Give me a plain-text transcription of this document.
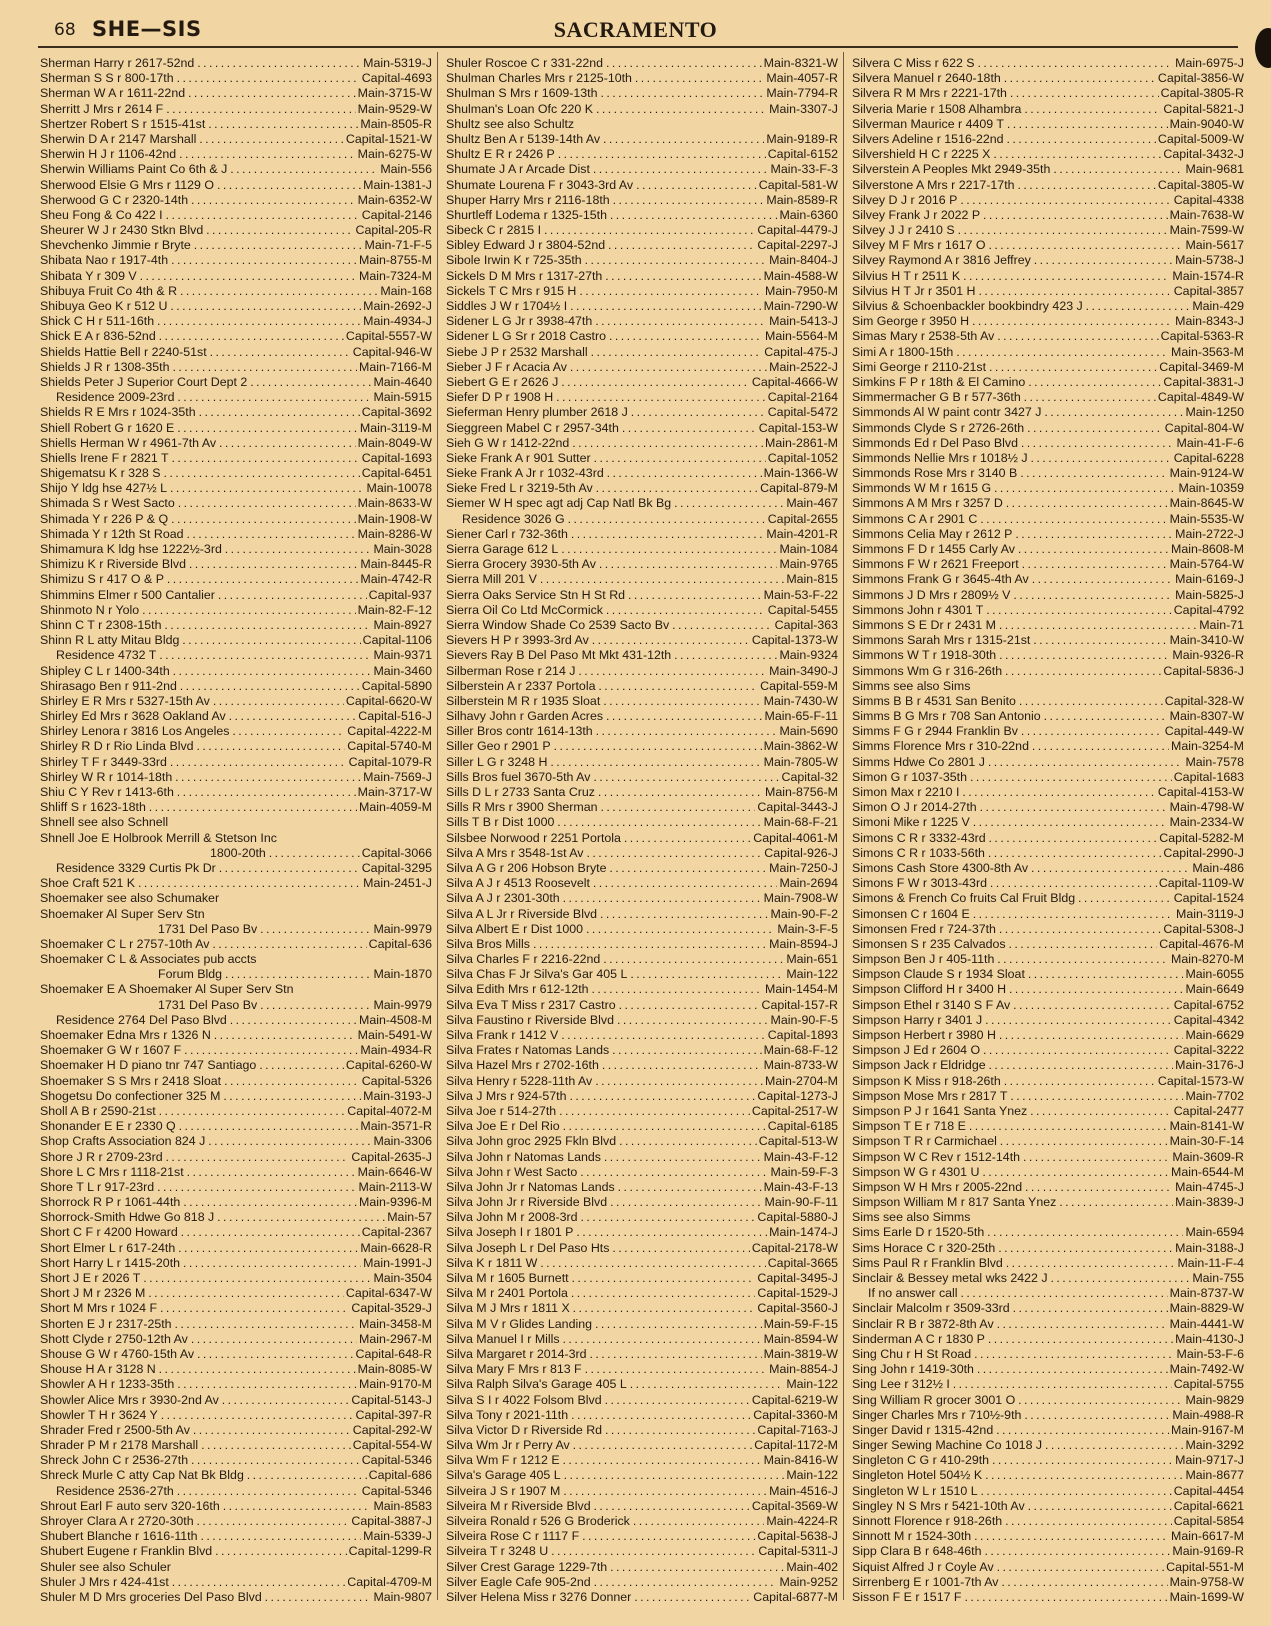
68 SHE—SIS	SACRAMENTO
Sherman Harry r 2617-52nd . . .	Main-5319-J
Sherman S S r 800-17th . . .	Capital-4693
Sherman W A r 1611-22nd . . .	Main-3715-W
Sherritt J Mrs r 2614 F . . .	Main-9529-W
Shertzer Robert S r 1515-41st . . .	Main-8505-R
Sherwin D A r 2147 Marshall . . .	Capital-1521-W
Sherwin H J r 1106-42nd . . .	Main-6275-W
Sherwin Williams Paint Co 6th & J . . .	Main-556
Sherwood Elsie G Mrs r 1129 O . . .	Main-1381-J
Sherwood G C r 2320-14th . . .	Main-6352-W
Sheu Fong & Co 422 I . . .	Capital-2146
Sheurer W J r 2430 Stkn Blvd . . .	Capital-205-R
Shevchenko Jimmie r Bryte . . .	Main-71-F-5
Shibata Nao r 1917-4th . . .	Main-8755-M
Shibata Y r 309 V . . .	Main-7324-M
Shibuya Fruit Co 4th & R . . .	Main-168
Shibuya Geo K r 512 U . . .	Main-2692-J
Shick C H r 511-16th . . .	Main-4934-J
Shick E A r 836-52nd . . .	Capital-5557-W
Shields Hattie Bell r 2240-51st . . .	Capital-946-W
Shields J R r 1308-35th . . .	Main-7166-M
Shields Peter J Superior Court Dept 2 . . .	Main-4640
Residence 2009-23rd . . .	Main-5915
Shields R E Mrs r 1024-35th . . .	Capital-3692
Shiell Robert G r 1620 E . . .	Main-3119-M
Shiells Herman W r 4961-7th Av . . .	Main-8049-W
Shiells Irene F r 2821 T . . .	Capital-1693
Shigematsu K r 328 S . . .	Capital-6451
Shijo Y ldg hse 427½ L . . .	Main-10078
Shimada S r West Sacto . . .	Main-8633-W
Shimada Y r 226 P & Q . . .	Main-1908-W
Shimada Y r 12th St Road . . .	Main-8286-W
Shimamura K ldg hse 1222½-3rd . . .	Main-3028
Shimizu K r Riverside Blvd . . .	Main-8445-R
Shimizu S r 417 O & P . . .	Main-4742-R
Shimmins Elmer r 500 Cantalier . . .	Capital-937
Shinmoto N r Yolo . . .	Main-82-F-12
Shinn C T r 2308-15th . . .	Main-8927
Shinn R L atty Mitau Bldg . . .	Capital-1106
Residence 4732 T . . .	Main-9371
Shipley C L r 1400-34th . . .	Main-3460
Shirasago Ben r 911-2nd . . .	Capital-5890
Shirley E R Mrs r 5327-15th Av . . .	Capital-6620-W
Shirley Ed Mrs r 3628 Oakland Av . . .	Capital-516-J
Shirley Lenora r 3816 Los Angeles . . .	Capital-4222-M
Shirley R D r Rio Linda Blvd . . .	Capital-5740-M
Shirley T F r 3449-33rd . . .	Capital-1079-R
Shirley W R r 1014-18th . . .	Main-7569-J
Shiu C Y Rev r 1413-6th . . .	Main-3717-W
Shliff S r 1623-18th . . .	Main-4059-M
Shnell see also Schnell
Shnell Joe E Holbrook Merrill & Stetson Inc
1800-20th . . .	Capital-3066
Residence 3329 Curtis Pk Dr . . .	Capital-3295
Shoe Craft 521 K . . .	Main-2451-J
Shoemaker see also Schumaker
Shoemaker Al Super Serv Stn
1731 Del Paso Bv . . .	Main-9979
Shoemaker C L r 2757-10th Av . . .	Capital-636
Shoemaker C L & Associates pub accts
Forum Bldg . . .	Main-1870
Shoemaker E A Shoemaker Al Super Serv Stn
1731 Del Paso Bv . . .	Main-9979
Residence 2764 Del Paso Blvd . . .	Main-4508-M
Shoemaker Edna Mrs r 1326 N . . .	Main-5491-W
Shoemaker G W r 1607 F . . .	Main-4934-R
Shoemaker H D piano tnr 747 Santiago . . .	Capital-6260-W
Shoemaker S S Mrs r 2418 Sloat . . .	Capital-5326
Shogetsu Do confectioner 325 M . . .	Main-3193-J
Sholl A B r 2590-21st . . .	Capital-4072-M
Shonander E E r 2330 Q . . .	Main-3571-R
Shop Crafts Association 824 J . . .	Main-3306
Shore J R r 2709-23rd . . .	Capital-2635-J
Shore L C Mrs r 1118-21st . . .	Main-6646-W
Shore T L r 917-23rd . . .	Main-2113-W
Shorrock R P r 1061-44th . . .	Main-9396-M
Shorrock-Smith Hdwe Go 818 J . . .	Main-57
Short C F r 4200 Howard . . .	Capital-2367
Short Elmer L r 617-24th . . .	Main-6628-R
Short Harry L r 1415-20th . . .	Main-1991-J
Short J E r 2026 T . . .	Main-3504
Short J M r 2326 M . . .	Capital-6347-W
Short M Mrs r 1024 F . . .	Capital-3529-J
Shorten E J r 2317-25th . . .	Main-3458-M
Shott Clyde r 2750-12th Av . . .	Main-2967-M
Shouse G W r 4760-15th Av . . .	Capital-648-R
Shouse H A r 3128 N . . .	Main-8085-W
Showler A H r 1233-35th . . .	Main-9170-M
Showler Alice Mrs r 3930-2nd Av . . .	Capital-5143-J
Showler T H r 3624 Y . . .	Capital-397-R
Shrader Fred r 2500-5th Av . . .	Capital-292-W
Shrader P M r 2178 Marshall . . .	Capital-554-W
Shreck John C r 2536-27th . . .	Capital-5346
Shreck Murle C atty Cap Nat Bk Bldg . . .	Capital-686
Residence 2536-27th . . .	Capital-5346
Shrout Earl F auto serv 320-16th . . .	Main-8583
Shroyer Clara A r 2720-30th . . .	Capital-3887-J
Shubert Blanche r 1616-11th . . .	Main-5339-J
Shubert Eugene r Franklin Blvd . . .	Capital-1299-R
Shuler see also Schuler
Shuler J Mrs r 424-41st . . .	Capital-4709-M
Shuler M D Mrs groceries Del Paso Blvd . . .	Main-9807
Shuler Roscoe C r 331-22nd . . .	Main-8321-W
Shulman Charles Mrs r 2125-10th . . .	Main-4057-R
Shulman S Mrs r 1609-13th . . .	Main-7794-R
Shulman's Loan Ofc 220 K . . .	Main-3307-J
Shultz see also Schultz
Shultz Ben A r 5139-14th Av . . .	Main-9189-R
Shultz E R r 2426 P . . .	Capital-6152
Shumate J A r Arcade Dist . . .	Main-33-F-3
Shumate Lourena F r 3043-3rd Av . . .	Capital-581-W
Shuper Harry Mrs r 2116-18th . . .	Main-8589-R
Shurtleff Lodema r 1325-15th . . .	Main-6360
Sibeck C r 2815 I . . .	Capital-4479-J
Sibley Edward J r 3804-52nd . . .	Capital-2297-J
Sibole Irwin K r 725-35th . . .	Main-8404-J
Sickels D M Mrs r 1317-27th . . .	Main-4588-W
Sickels T C Mrs r 915 H . . .	Main-7950-M
Siddles J W r 1704½ I . . .	Main-7290-W
Sidener L G Jr r 3938-47th . . .	Main-5413-J
Sidener L G Sr r 2018 Castro . . .	Main-5564-M
Siebe J P r 2532 Marshall . . .	Capital-475-J
Sieber J F r Acacia Av . . .	Main-2522-J
Siebert G E r 2626 J . . .	Capital-4666-W
Siefer D P r 1908 H . . .	Capital-2164
Sieferman Henry plumber 2618 J . . .	Capital-5472
Sieggreen Mabel C r 2957-34th . . .	Capital-153-W
Sieh G W r 1412-22nd . . .	Main-2861-M
Sieke Frank A r 901 Sutter . . .	Capital-1052
Sieke Frank A Jr r 1032-43rd . . .	Main-1366-W
Sieke Fred L r 3219-5th Av . . .	Capital-879-M
Siemer W H spec agt adj Cap Natl Bk Bg . . .	Main-467
Residence 3026 G . . .	Capital-2655
Siener Carl r 732-36th . . .	Main-4201-R
Sierra Garage 612 L . . .	Main-1084
Sierra Grocery 3930-5th Av . . .	Main-9765
Sierra Mill 201 V . . .	Main-815
Sierra Oaks Service Stn H St Rd . . .	Main-53-F-22
Sierra Oil Co Ltd McCormick . . .	Capital-5455
Sierra Window Shade Co 2539 Sacto Bv . . .	Capital-363
Sievers H P r 3993-3rd Av . . .	Capital-1373-W
Sievers Ray B Del Paso Mt Mkt 431-12th . . .	Main-9324
Silberman Rose r 214 J . . .	Main-3490-J
Silberstein A r 2337 Portola . . .	Capital-559-M
Silberstein M R r 1935 Sloat . . .	Main-7430-W
Silhavy John r Garden Acres . . .	Main-65-F-11
Siller Bros contr 1614-13th . . .	Main-5690
Siller Geo r 2901 P . . .	Main-3862-W
Siller L G r 3248 H . . .	Main-7805-W
Sills Bros fuel 3670-5th Av . . .	Capital-32
Sills D L r 2733 Santa Cruz . . .	Main-8756-M
Sills R Mrs r 3900 Sherman . . .	Capital-3443-J
Sills T B r Dist 1000 . . .	Main-68-F-21
Silsbee Norwood r 2251 Portola . . .	Capital-4061-M
Silva A Mrs r 3548-1st Av . . .	Capital-926-J
Silva A G r 206 Hobson Bryte . . .	Main-7250-J
Silva A J r 4513 Roosevelt . . .	Main-2694
Silva A J r 2301-30th . . .	Main-7908-W
Silva A L Jr r Riverside Blvd . . .	Main-90-F-2
Silva Albert E r Dist 1000 . . .	Main-3-F-5
Silva Bros Mills . . .	Main-8594-J
Silva Charles F r 2216-22nd . . .	Main-651
Silva Chas F Jr Silva's Gar 405 L . . .	Main-122
Silva Edith Mrs r 612-12th . . .	Main-1454-M
Silva Eva T Miss r 2317 Castro . . .	Capital-157-R
Silva Faustino r Riverside Blvd . . .	Main-90-F-5
Silva Frank r 1412 V . . .	Capital-1893
Silva Frates r Natomas Lands . . .	Main-68-F-12
Silva Hazel Mrs r 2702-16th . . .	Main-8733-W
Silva Henry r 5228-11th Av . . .	Main-2704-M
Silva J Mrs r 924-57th . . .	Capital-1273-J
Silva Joe r 514-27th . . .	Capital-2517-W
Silva Joe E r Del Rio . . .	Capital-6185
Silva John groc 2925 Fkln Blvd . . .	Capital-513-W
Silva John r Natomas Lands . . .	Main-43-F-12
Silva John r West Sacto . . .	Main-59-F-3
Silva John Jr r Natomas Lands . . .	Main-43-F-13
Silva John Jr r Riverside Blvd . . .	Main-90-F-11
Silva John M r 2008-3rd . . .	Capital-5880-J
Silva Joseph I r 1801 P . . .	Main-1474-J
Silva Joseph L r Del Paso Hts . . .	Capital-2178-W
Silva K r 1811 W . . .	Capital-3665
Silva M r 1605 Burnett . . .	Capital-3495-J
Silva M r 2401 Portola . . .	Capital-1529-J
Silva M J Mrs r 1811 X . . .	Capital-3560-J
Silva M V r Glides Landing . . .	Main-59-F-15
Silva Manuel I r Mills . . .	Main-8594-W
Silva Margaret r 2014-3rd . . .	Main-3819-W
Silva Mary F Mrs r 813 F . . .	Main-8854-J
Silva Ralph Silva's Garage 405 L . . .	Main-122
Silva S I r 4022 Folsom Blvd . . .	Capital-6219-W
Silva Tony r 2021-11th . . .	Capital-3360-M
Silva Victor D r Riverside Rd . . .	Capital-7163-J
Silva Wm Jr r Perry Av . . .	Capital-1172-M
Silva Wm F r 1212 E . . .	Main-8416-W
Silva's Garage 405 L . . .	Main-122
Silveira J S r 1907 M . . .	Main-4516-J
Silveira M r Riverside Blvd . . .	Capital-3569-W
Silveira Ronald r 526 G Broderick . . .	Main-4224-R
Silveira Rose C r 1117 F . . .	Capital-5638-J
Silveira T r 3248 U . . .	Capital-5311-J
Silver Crest Garage 1229-7th . . .	Main-402
Silver Eagle Cafe 905-2nd . . .	Main-9252
Silver Helena Miss r 3276 Donner . . .	Capital-6877-M
Silvera C Miss r 622 S . . .	Main-6975-J
Silvera Manuel r 2640-18th . . .	Capital-3856-W
Silvera R M Mrs r 2221-17th . . .	Capital-3805-R
Silveria Marie r 1508 Alhambra . . .	Capital-5821-J
Silverman Maurice r 4409 T . . .	Main-9040-W
Silvers Adeline r 1516-22nd . . .	Capital-5009-W
Silvershield H C r 2225 X . . .	Capital-3432-J
Silverstein A Peoples Mkt 2949-35th . . .	Main-9681
Silverstone A Mrs r 2217-17th . . .	Capital-3805-W
Silvey D J r 2016 P . . .	Capital-4338
Silvey Frank J r 2022 P . . .	Main-7638-W
Silvey J J r 2410 S . . .	Main-7599-W
Silvey M F Mrs r 1617 O . . .	Main-5617
Silvey Raymond A r 3816 Jeffrey . . .	Main-5738-J
Silvius H T r 2511 K . . .	Main-1574-R
Silvius H T Jr r 3501 H . . .	Capital-3857
Silvius & Schoenbackler bookbindry 423 J . . .	Main-429
Sim George r 3950 H . . .	Main-8343-J
Simas Mary r 2538-5th Av . . .	Capital-5363-R
Simi A r 1800-15th . . .	Main-3563-M
Simi George r 2110-21st . . .	Capital-3469-M
Simkins F P r 18th & El Camino . . .	Capital-3831-J
Simmermacher G B r 577-36th . . .	Capital-4849-W
Simmonds Al W paint contr 3427 J . . .	Main-1250
Simmonds Clyde S r 2726-26th . . .	Capital-804-W
Simmonds Ed r Del Paso Blvd . . .	Main-41-F-6
Simmonds Nellie Mrs r 1018½ J . . .	Capital-6228
Simmonds Rose Mrs r 3140 B . . .	Main-9124-W
Simmonds W M r 1615 G . . .	Main-10359
Simmons A M Mrs r 3257 D . . .	Main-8645-W
Simmons C A r 2901 C . . .	Main-5535-W
Simmons Celia May r 2612 P . . .	Main-2722-J
Simmons F D r 1455 Carly Av . . .	Main-8608-M
Simmons F W r 2621 Freeport . . .	Main-5764-W
Simmons Frank G r 3645-4th Av . . .	Main-6169-J
Simmons J D Mrs r 2809½ V . . .	Main-5825-J
Simmons John r 4301 T . . .	Capital-4792
Simmons S E Dr r 2431 M . . .	Main-71
Simmons Sarah Mrs r 1315-21st . . .	Main-3410-W
Simmons W T r 1918-30th . . .	Main-9326-R
Simmons Wm G r 316-26th . . .	Capital-5836-J
Simms see also Sims
Simms B B r 4531 San Benito . . .	Capital-328-W
Simms B G Mrs r 708 San Antonio . . .	Main-8307-W
Simms F G r 2944 Franklin Bv . . .	Capital-449-W
Simms Florence Mrs r 310-22nd . . .	Main-3254-M
Simms Hdwe Co 2801 J . . .	Main-7578
Simon G r 1037-35th . . .	Capital-1683
Simon Max r 2210 I . . .	Capital-4153-W
Simon O J r 2014-27th . . .	Main-4798-W
Simoni Mike r 1225 V . . .	Main-2334-W
Simons C R r 3332-43rd . . .	Capital-5282-M
Simons C R r 1033-56th . . .	Capital-2990-J
Simons Cash Store 4300-8th Av . . .	Main-486
Simons F W r 3013-43rd . . .	Capital-1109-W
Simons & French Co fruits Cal Fruit Bldg . . .	Capital-1524
Simonsen C r 1604 E . . .	Main-3119-J
Simonsen Fred r 724-37th . . .	Capital-5308-J
Simonsen S r 235 Calvados . . .	Capital-4676-M
Simpson Ben J r 405-11th . . .	Main-8270-M
Simpson Claude S r 1934 Sloat . . .	Main-6055
Simpson Clifford H r 3400 H . . .	Main-6649
Simpson Ethel r 3140 S F Av . . .	Capital-6752
Simpson Harry r 3401 J . . .	Capital-4342
Simpson Herbert r 3980 H . . .	Main-6629
Simpson J Ed r 2604 O . . .	Capital-3222
Simpson Jack r Eldridge . . .	Main-3176-J
Simpson K Miss r 918-26th . . .	Capital-1573-W
Simpson Mose Mrs r 2817 T . . .	Main-7702
Simpson P J r 1641 Santa Ynez . . .	Capital-2477
Simpson T E r 718 E . . .	Main-8141-W
Simpson T R r Carmichael . . .	Main-30-F-14
Simpson W C Rev r 1512-14th . . .	Main-3609-R
Simpson W G r 4301 U . . .	Main-6544-M
Simpson W H Mrs r 2005-22nd . . .	Main-4745-J
Simpson William M r 817 Santa Ynez . . .	Main-3839-J
Sims see also Simms
Sims Earle D r 1520-5th . . .	Main-6594
Sims Horace C r 320-25th . . .	Main-3188-J
Sims Paul R r Franklin Blvd . . .	Main-11-F-4
Sinclair & Bessey metal wks 2422 J . . .	Main-755
If no answer call . . .	Main-8737-W
Sinclair Malcolm r 3509-33rd . . .	Main-8829-W
Sinclair R B r 3872-8th Av . . .	Main-4441-W
Sinderman A C r 1830 P . . .	Main-4130-J
Sing Chu r H St Road . . .	Main-53-F-6
Sing John r 1419-30th . . .	Main-7492-W
Sing Lee r 312½ I . . .	Capital-5755
Sing William R grocer 3001 O . . .	Main-9829
Singer Charles Mrs r 710½-9th . . .	Main-4988-R
Singer David r 1315-42nd . . .	Main-9167-M
Singer Sewing Machine Co 1018 J . . .	Main-3292
Singleton C G r 410-29th . . .	Main-9717-J
Singleton Hotel 504½ K . . .	Main-8677
Singleton W L r 1510 L . . .	Capital-4454
Singley N S Mrs r 5421-10th Av . . .	Capital-6621
Sinnott Florence r 918-26th . . .	Capital-5854
Sinnott M r 1524-30th . . .	Main-6617-M
Sipp Clara B r 648-46th . . .	Main-9169-R
Siquist Alfred J r Coyle Av . . .	Capital-551-M
Sirrenberg E r 1001-7th Av . . .	Main-9758-W
Sisson F E r 1517 F . . .	Main-1699-W
